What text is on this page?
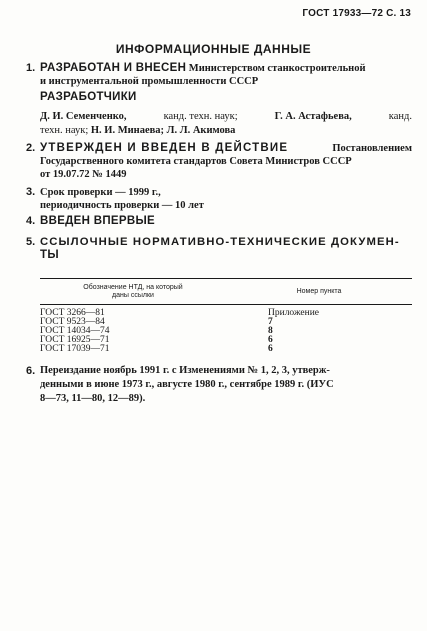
ГОСТ 17933—72 С. 13
ИНФОРМАЦИОННЫЕ ДАННЫЕ
1. РАЗРАБОТАН И ВНЕСЕН Министерством станкостроительной
и инструментальной промышленности СССР
РАЗРАБОТЧИКИ
Д. И. Семенченко,	канд. техн. наук;	Г. А. Астафьева,	канд.
техн. наук; Н. И. Минаева; Л. Л. Акимова
2. УТВЕРЖДЕН И ВВЕДЕН В ДЕЙСТВИЕ	Постановлением
Государственного комитета стандартов Совета Министров СССР
от 19.07.72 № 1449
3. Срок проверки — 1999 г.,
периодичность проверки — 10 лет
4. ВВЕДЕН ВПЕРВЫЕ
5. ССЫЛОЧНЫЕ НОРМАТИВНО-ТЕХНИЧЕСКИЕ ДОКУМЕН-
ТЫ
Обозначение НТД, на который
даны ссылки
Номер пункта
ГОСТ 3266—81	Приложение
ГОСТ 9523—84	7
ГОСТ 14034—74	8
ГОСТ 16925—71	6
ГОСТ 17039—71	6
6. Переиздание ноябрь 1991 г. с Изменениями № 1, 2, 3, утверж-
денными в июне 1973 г., августе 1980 г., сентябре 1989 г. (ИУС
8—73, 11—80, 12—89).
